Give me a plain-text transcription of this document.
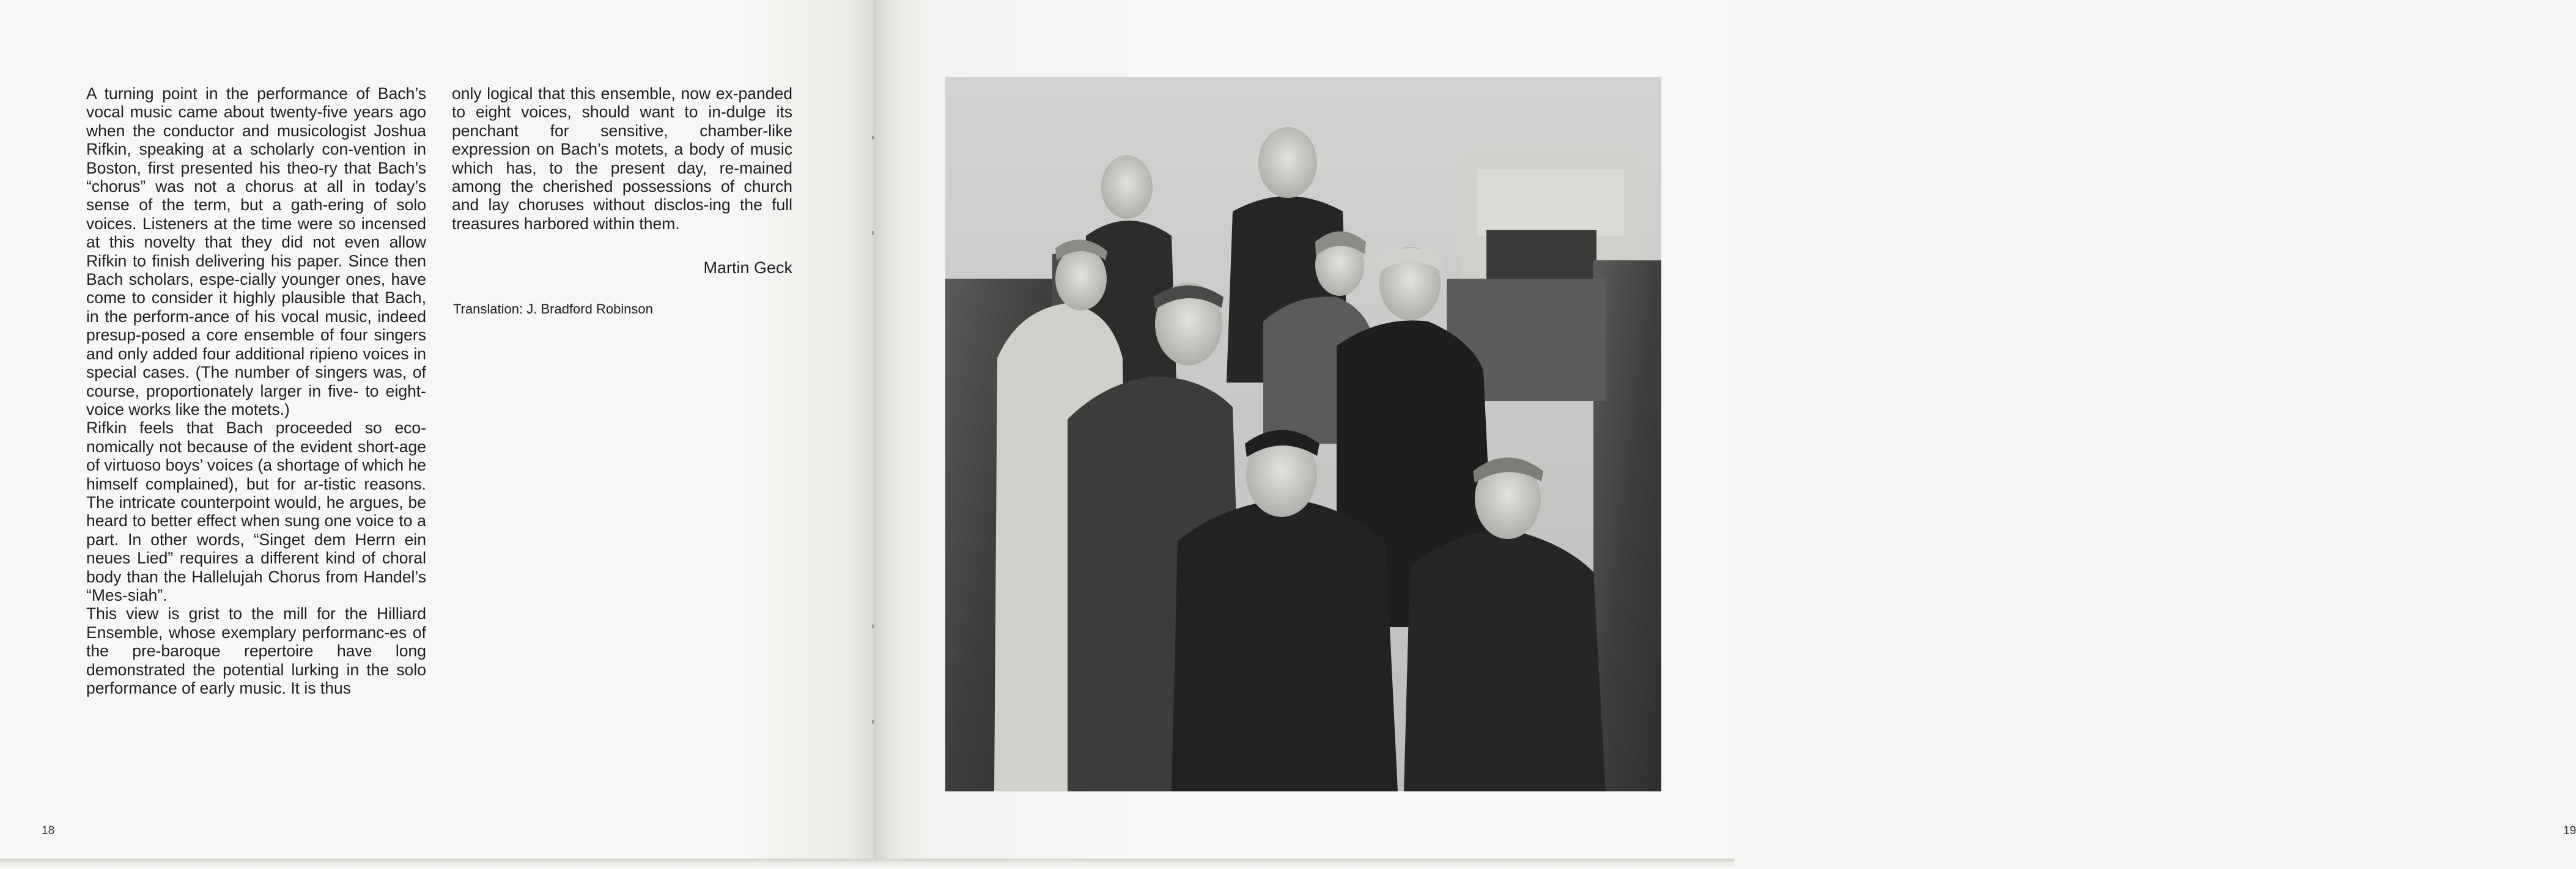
A turning point in the performance of Bach’s vocal music came about twenty-five years ago when the conductor and musicologist Joshua Rifkin, speaking at a scholarly con-vention in Boston, first presented his theo-ry that Bach’s “chorus” was not a chorus at all in today’s sense of the term, but a gath-ering of solo voices. Listeners at the time were so incensed at this novelty that they did not even allow Rifkin to finish delivering his paper. Since then Bach scholars, espe-cially younger ones, have come to consider it highly plausible that Bach, in the perform-ance of his vocal music, indeed presup-posed a core ensemble of four singers and only added four additional ripieno voices in special cases. (The number of singers was, of course, proportionately larger in five- to eight-voice works like the motets.)

Rifkin feels that Bach proceeded so eco-nomically not because of the evident short-age of virtuoso boys’ voices (a shortage of which he himself complained), but for ar-tistic reasons. The intricate counterpoint would, he argues, be heard to better effect when sung one voice to a part. In other words, “Singet dem Herrn ein neues Lied” requires a different kind of choral body than the Hallelujah Chorus from Handel’s “Mes-siah”.

This view is grist to the mill for the Hilliard Ensemble, whose exemplary performanc-es of the pre-baroque repertoire have long demonstrated the potential lurking in the solo performance of early music. It is thus

only logical that this ensemble, now ex-panded to eight voices, should want to in-dulge its penchant for sensitive, chamber-like expression on Bach’s motets, a body of music which has, to the present day, re-mained among the cherished possessions of church and lay choruses without disclos-ing the full treasures harbored within them.

Martin Geck
Translation: J. Bradford Robinson
18	19
